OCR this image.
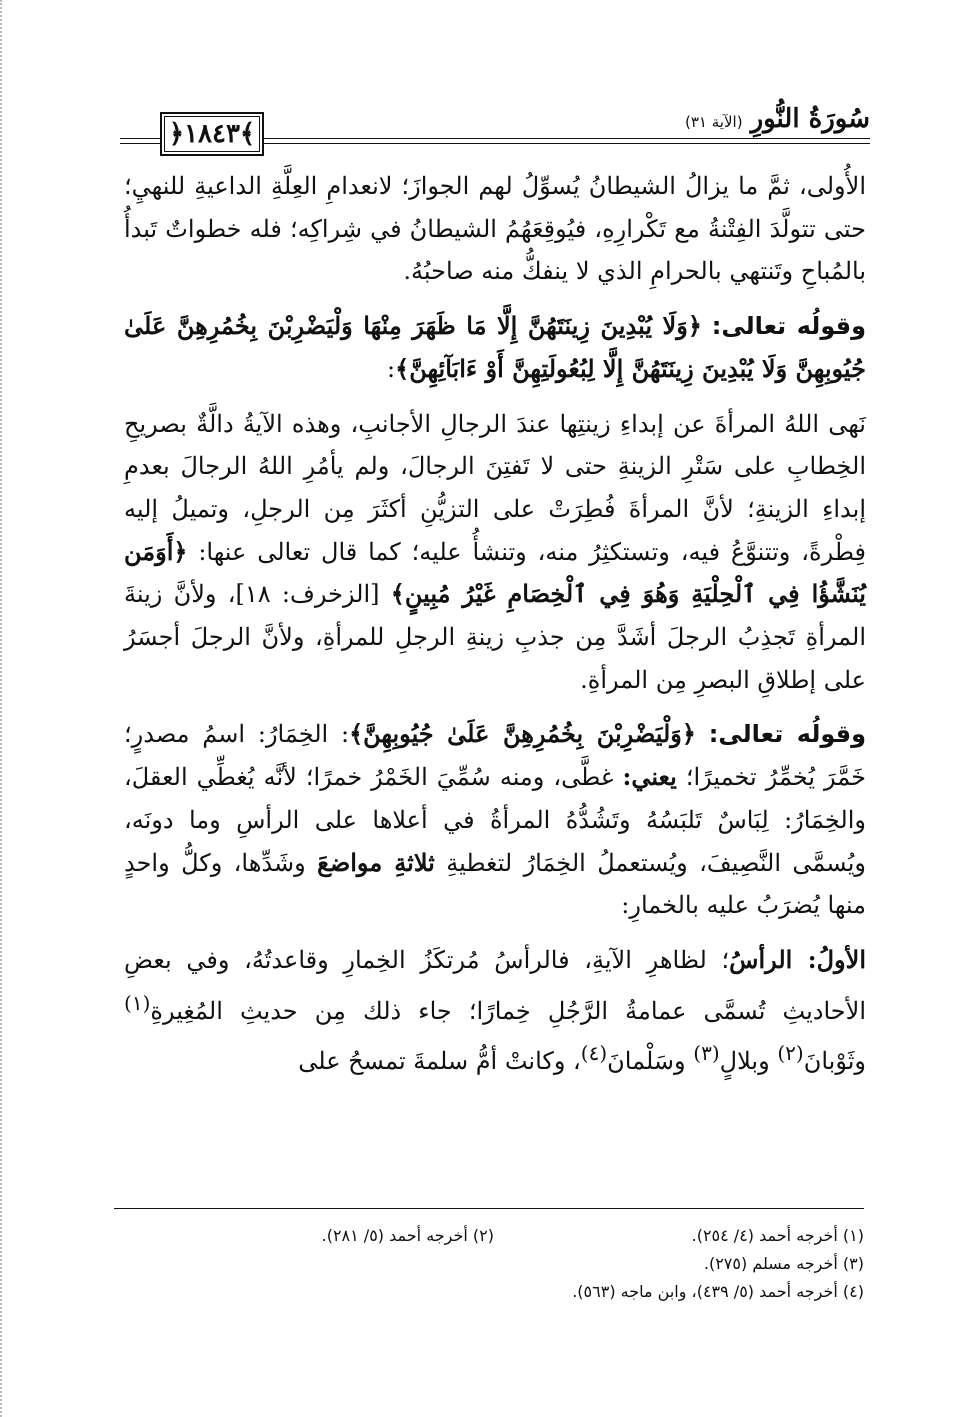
﴿١٨٤٣﴾	سُورَةُ النُّورِ
(الآية ٣١)

الأُولى، ثمَّ ما يزالُ الشيطانُ يُسوِّلُ لهم الجوازَ؛ لانعدامِ العِلَّةِ الداعيةِ للنهيِ؛ حتى تتولَّدَ الفِتْنةُ مع تَكْرارِهِ، فيُوقِعَهُمُ الشيطانُ في شِراكِه؛ فله خطواتٌ تَبدأُ بالمُباحِ وتَنتهي بالحرامِ الذي لا ينفكُّ منه صاحبُهُ.

وقولُه تعالى: ﴿وَلَا يُبْدِينَ زِينَتَهُنَّ إِلَّا مَا ظَهَرَ مِنْهَا وَلْيَضْرِبْنَ بِخُمُرِهِنَّ عَلَىٰ جُيُوبِهِنَّ وَلَا يُبْدِينَ زِينَتَهُنَّ إِلَّا لِبُعُولَتِهِنَّ أَوْ ءَابَآئِهِنَّ﴾:

نَهى اللهُ المرأةَ عن إبداءِ زينتِها عندَ الرجالِ الأجانبِ، وهذه الآيةُ دالَّةٌ بصريحِ الخِطابِ على سَتْرِ الزينةِ حتى لا تَفتِنَ الرجالَ، ولم يأمُرِ اللهُ الرجالَ بعدمِ إبداءِ الزينةِ؛ لأنَّ المرأةَ فُطِرَتْ على التزيُّنِ أكثَرَ مِن الرجلِ، وتميلُ إليه فِطْرةً، وتتنوَّعُ فيه، وتستكثِرُ منه، وتنشأُ عليه؛ كما قال تعالى عنها: ﴿أَوَمَن يُنَشَّؤُا فِي ٱلْحِلْيَةِ وَهُوَ فِي ٱلْخِصَامِ غَيْرُ مُبِينٍ﴾ [الزخرف: ١٨]، ولأنَّ زينةَ المرأةِ تَجذِبُ الرجلَ أشَدَّ مِن جذبِ زينةِ الرجلِ للمرأةِ، ولأنَّ الرجلَ أجسَرُ على إطلاقِ البصرِ مِن المرأةِ.

وقولُه تعالى: ﴿وَلْيَضْرِبْنَ بِخُمُرِهِنَّ عَلَىٰ جُيُوبِهِنَّ﴾: الخِمَارُ: اسمُ مصدرٍ؛ خَمَّرَ يُخمِّرُ تخميرًا؛ يعني: غطَّى، ومنه سُمِّيَ الخَمْرُ خمرًا؛ لأنَّه يُغطِّي العقلَ، والخِمَارُ: لِبَاسٌ تَلبَسُهُ وتَشُدُّهُ المرأةُ في أعلاها على الرأسِ وما دونَه، ويُسمَّى النَّصِيفَ، ويُستعملُ الخِمَارُ لتغطيةِ ثلاثةِ مواضعَ وشَدِّها، وكلُّ واحدٍ منها يُضرَبُ عليه بالخمارِ:

الأولُ: الرأسُ؛ لظاهرِ الآيةِ، فالرأسُ مُرتكَزُ الخِمارِ وقاعدتُهُ، وفي بعضِ الأحاديثِ تُسمَّى عمامةُ الرَّجُلِ خِمارًا؛ جاء ذلك مِن حديثِ المُغِيرةِ$^{(١)}$ وثَوْبانَ$^{(٢)}$ وبلالٍ$^{(٣)}$ وسَلْمانَ$^{(٤)}$، وكانتْ أمُّ سلمةَ تمسحُ على

(١) أخرجه أحمد (٤/ ٢٥٤).
(٢) أخرجه أحمد (٥/ ٢٨١).
(٣) أخرجه مسلم (٢٧٥).
(٤) أخرجه أحمد (٥/ ٤٣٩)، وابن ماجه (٥٦٣).
